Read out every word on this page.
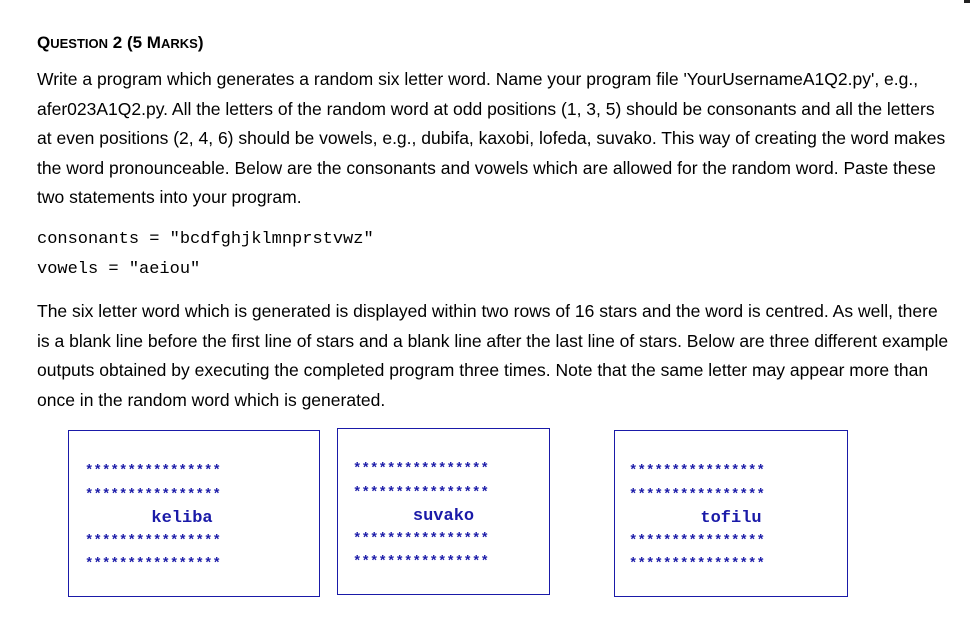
QUESTION 2 (5 MARKS)
Write a program which generates a random six letter word. Name your program file 'YourUsernameA1Q2.py', e.g., afer023A1Q2.py. All the letters of the random word at odd positions (1, 3, 5) should be consonants and all the letters at even positions (2, 4, 6) should be vowels, e.g., dubifa, kaxobi, lofeda, suvako. This way of creating the word makes the word pronounceable. Below are the consonants and vowels which are allowed for the random word. Paste these two statements into your program.
consonants = "bcdfghjklmnprstvwz"
vowels = "aeiou"
The six letter word which is generated is displayed within two rows of 16 stars and the word is centred. As well, there is a blank line before the first line of stars and a blank line after the last line of stars. Below are three different example outputs obtained by executing the completed program three times. Note that the same letter may appear more than once in the random word which is generated.
****************
****************
keliba
****************
****************
****************
****************
suvako
****************
****************
****************
****************
tofilu
****************
****************
